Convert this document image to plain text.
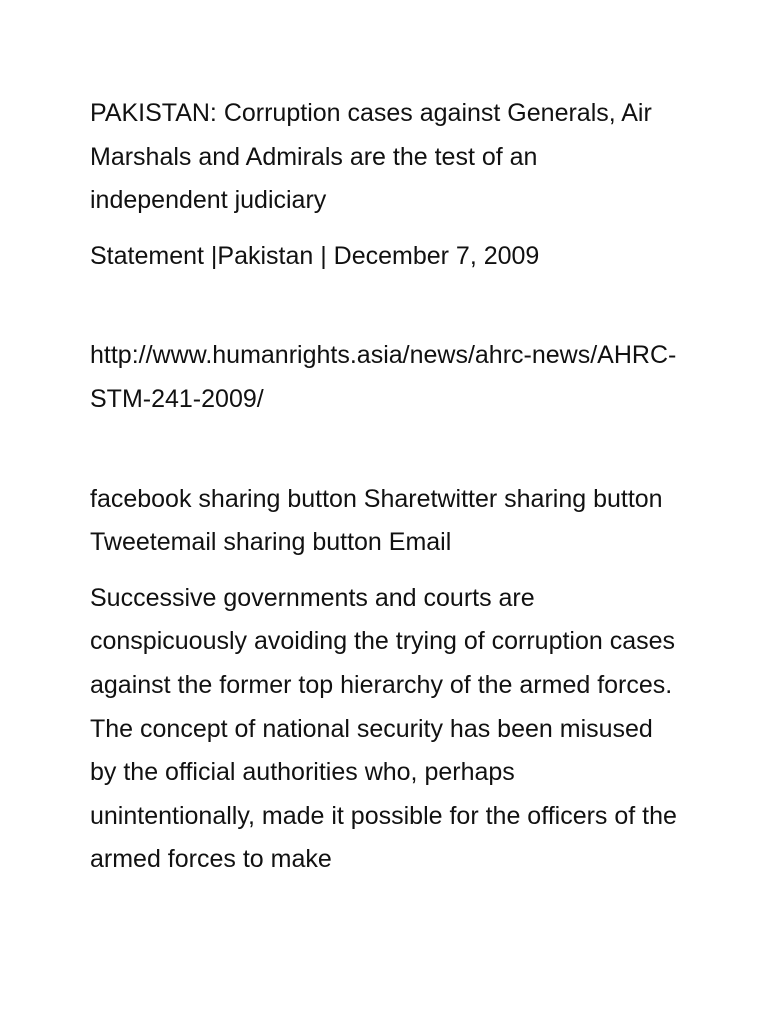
PAKISTAN: Corruption cases against Generals, Air Marshals and Admirals are the test of an independent judiciary

Statement |Pakistan | December 7, 2009

http://www.humanrights.asia/news/ahrc-news/AHRC-STM-241-2009/

facebook sharing button Sharetwitter sharing button Tweetemail sharing button Email

Successive governments and courts are conspicuously avoiding the trying of corruption cases against the former top hierarchy of the armed forces. The concept of national security has been misused by the official authorities who, perhaps unintentionally, made it possible for the officers of the armed forces to make
